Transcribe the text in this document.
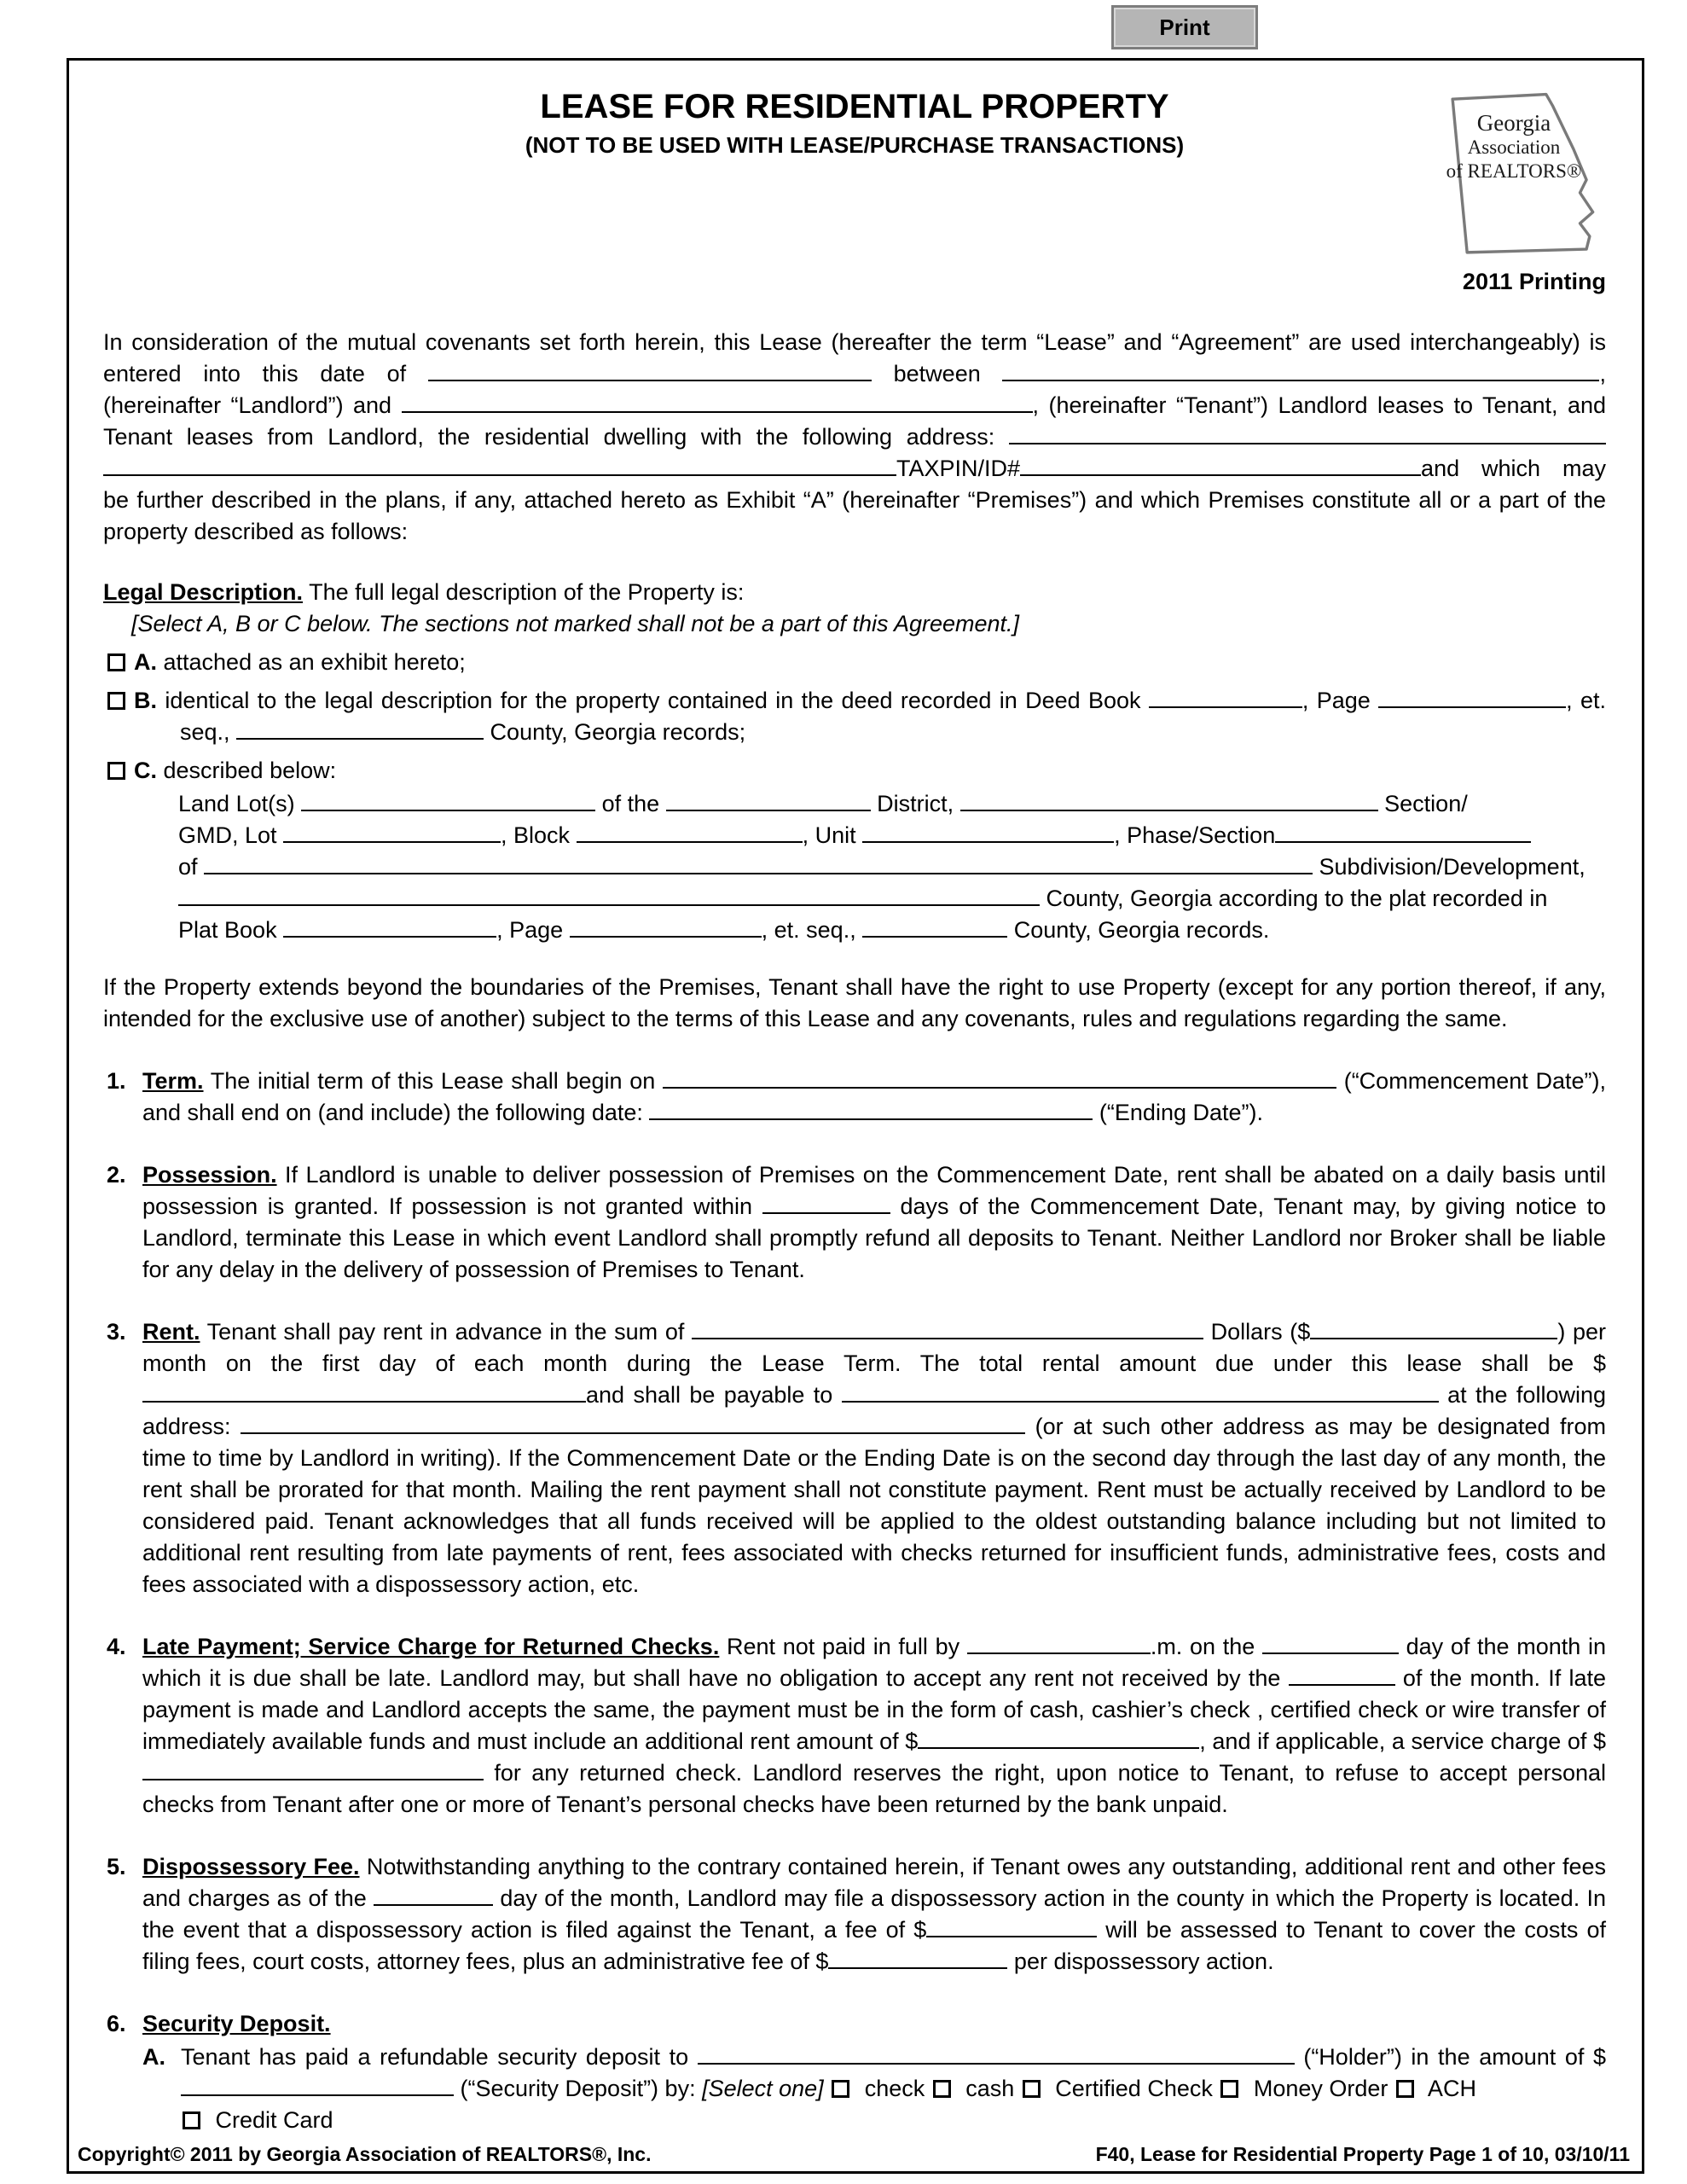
Print
LEASE FOR RESIDENTIAL PROPERTY
(NOT TO BE USED WITH LEASE/PURCHASE TRANSACTIONS)
Georgia
Association
of REALTORS®
2011 Printing
In consideration of the mutual covenants set forth herein, this Lease (hereafter the term “Lease” and “Agreement” are used interchangeably) is entered into this date of	between	, (hereinafter “Landlord”) and	, (hereinafter “Tenant”) Landlord leases to Tenant, and Tenant leases from Landlord, the residential dwelling with the following address: TAXPIN/ID#	and which may be further described in the plans, if any, attached hereto as Exhibit “A” (hereinafter “Premises”) and which Premises constitute all or a part of the property described as follows:
Legal Description. The full legal description of the Property is:
[Select A, B or C below. The sections not marked shall not be a part of this Agreement.]
A. attached as an exhibit hereto;
B. identical to the legal description for the property contained in the deed recorded in Deed Book	, Page	, et. seq.,	County, Georgia records;
C. described below:
Land Lot(s)	of the	District,	Section/
GMD, Lot	, Block	, Unit	, Phase/Section
of	Subdivision/Development,
County, Georgia according to the plat recorded in
Plat Book	, Page	, et. seq.,	County, Georgia records.
If the Property extends beyond the boundaries of the Premises, Tenant shall have the right to use Property (except for any portion thereof, if any, intended for the exclusive use of another) subject to the terms of this Lease and any covenants, rules and regulations regarding the same.
1. Term. The initial term of this Lease shall begin on	(“Commencement Date”), and shall end on (and include) the following date:	(“Ending Date”).
2. Possession. If Landlord is unable to deliver possession of Premises on the Commencement Date, rent shall be abated on a daily basis until possession is granted. If possession is not granted within	days of the Commencement Date, Tenant may, by giving notice to Landlord, terminate this Lease in which event Landlord shall promptly refund all deposits to Tenant. Neither Landlord nor Broker shall be liable for any delay in the delivery of possession of Premises to Tenant.
3. Rent. Tenant shall pay rent in advance in the sum of	Dollars ($	) per month on the first day of each month during the Lease Term. The total rental amount due under this lease shall be $and shall be payable to	at the following address:	(or at such other address as may be designated from time to time by Landlord in writing). If the Commencement Date or the Ending Date is on the second day through the last day of any month, the rent shall be prorated for that month. Mailing the rent payment shall not constitute payment. Rent must be actually received by Landlord to be considered paid. Tenant acknowledges that all funds received will be applied to the oldest outstanding balance including but not limited to additional rent resulting from late payments of rent, fees associated with checks returned for insufficient funds, administrative fees, costs and fees associated with a dispossessory action, etc.
4. Late Payment; Service Charge for Returned Checks. Rent not paid in full by	.m. on the	day of the month in which it is due shall be late. Landlord may, but shall have no obligation to accept any rent not received by the	of the month. If late payment is made and Landlord accepts the same, the payment must be in the form of cash, cashier’s check , certified check or wire transfer of immediately available funds and must include an additional rent amount of $	, and if applicable, a service charge of $ for any returned check. Landlord reserves the right, upon notice to Tenant, to refuse to accept personal checks from Tenant after one or more of Tenant’s personal checks have been returned by the bank unpaid.
5. Dispossessory Fee. Notwithstanding anything to the contrary contained herein, if Tenant owes any outstanding, additional rent and other fees and charges as of the	day of the month, Landlord may file a dispossessory action in the county in which the Property is located. In the event that a dispossessory action is filed against the Tenant, a fee of $	will be assessed to Tenant to cover the costs of filing fees, court costs, attorney fees, plus an administrative fee of $	per dispossessory action.
6. Security Deposit.
A. Tenant has paid a refundable security deposit to	(“Holder”) in the amount of $ (“Security Deposit”) by: [Select one]  check  cash  Certified Check  Money Order  ACH
Credit Card
Copyright© 2011 by Georgia Association of REALTORS®, Inc.	F40, Lease for Residential Property Page 1 of 10, 03/10/11
